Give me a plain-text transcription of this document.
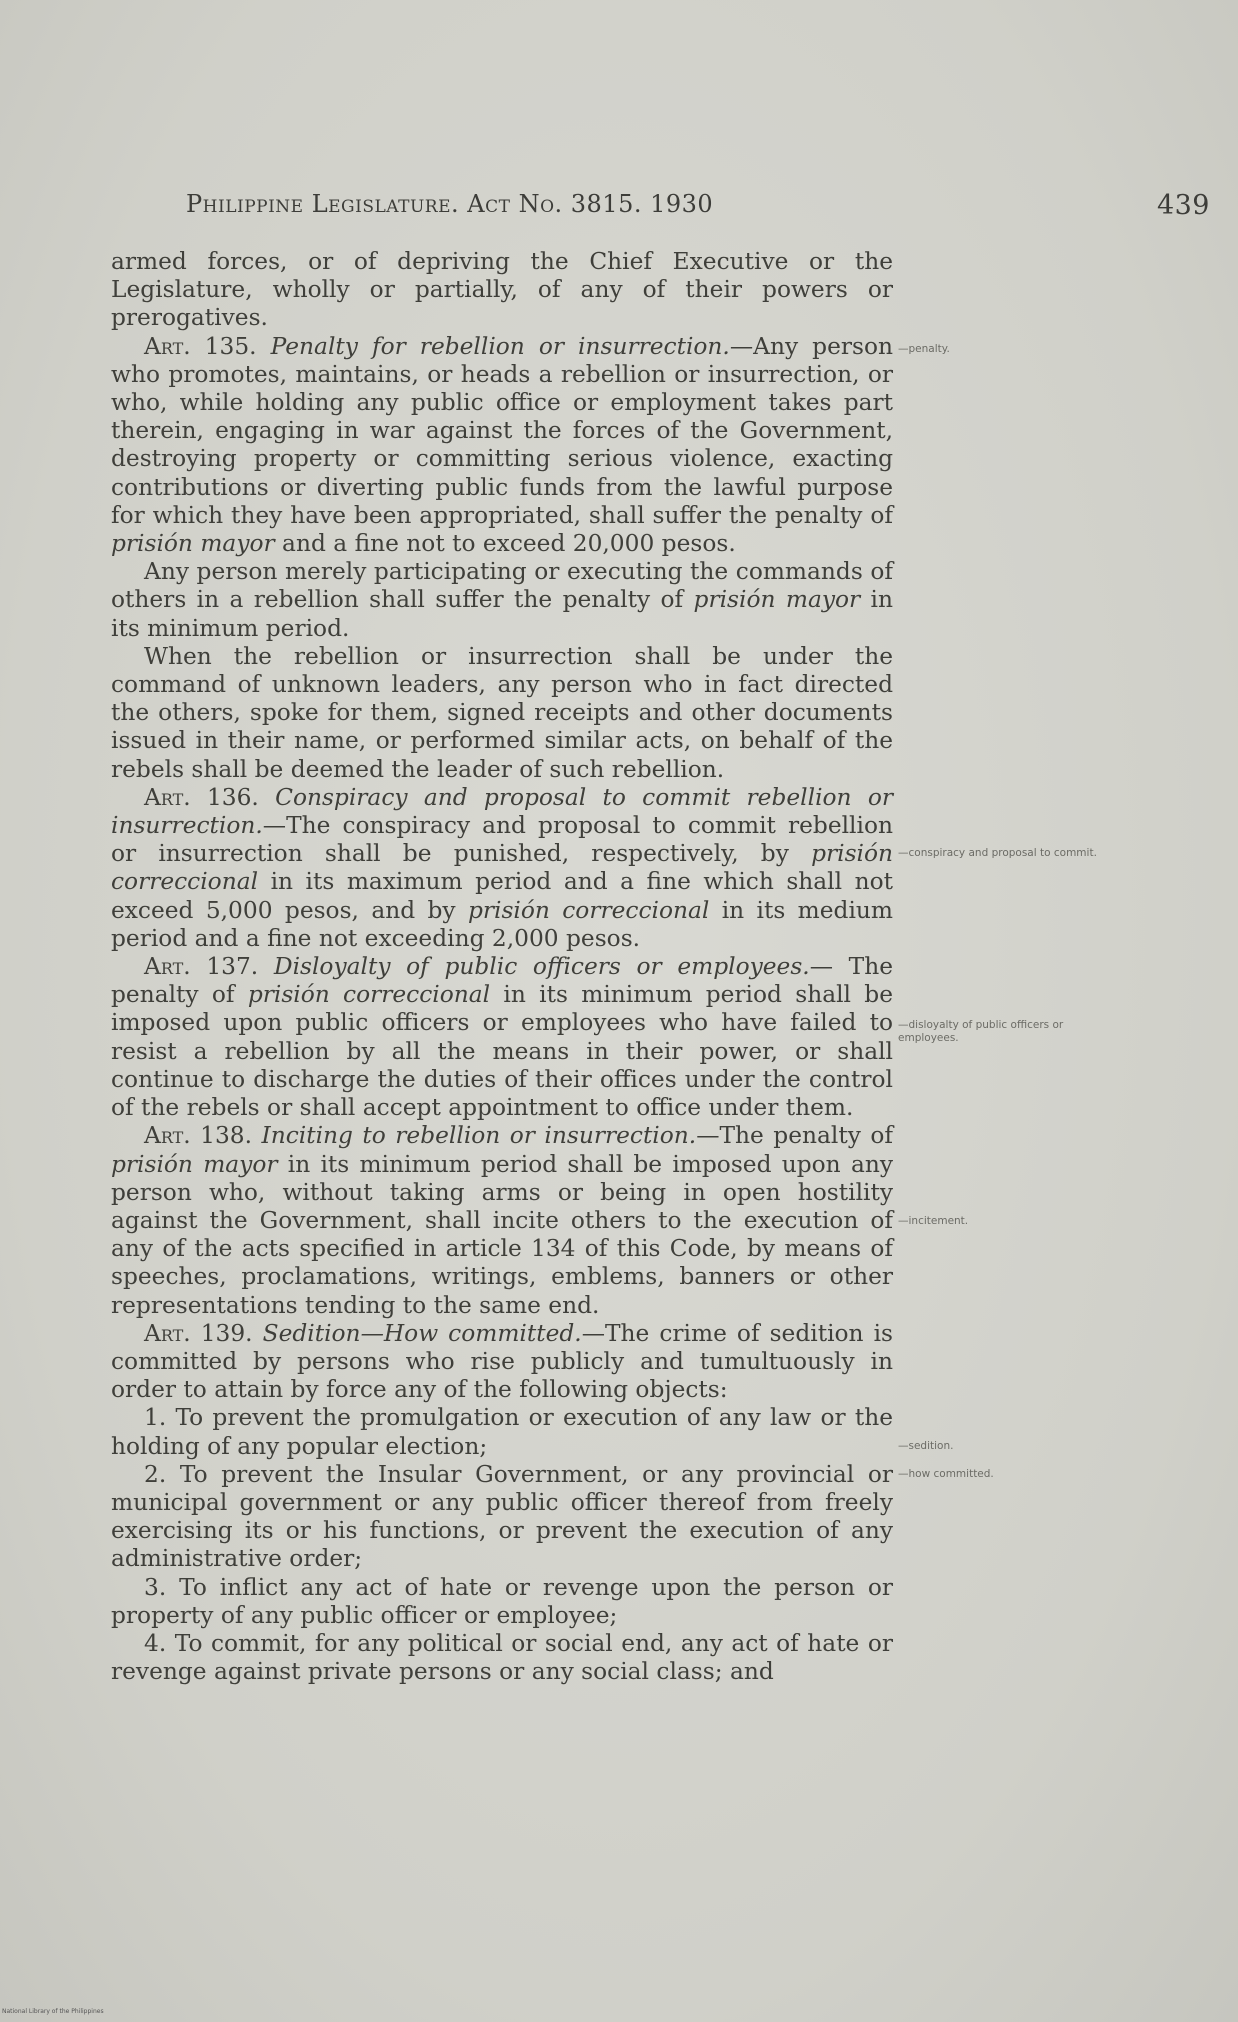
Philippine Legislature. Act No. 3815. 1930	439

armed forces, or of depriving the Chief Executive or the Legislature, wholly or partially, of any of their powers or prerogatives.

Art. 135. Penalty for rebellion or insurrection.—Any person who promotes, maintains, or heads a rebellion or insurrection, or who, while holding any public office or employment takes part therein, engaging in war against the forces of the Government, destroying property or committing serious violence, exacting contributions or diverting public funds from the lawful purpose for which they have been appropriated, shall suffer the penalty of prisión mayor and a fine not to exceed 20,000 pesos.

Any person merely participating or executing the commands of others in a rebellion shall suffer the penalty of prisión mayor in its minimum period.

When the rebellion or insurrection shall be under the command of unknown leaders, any person who in fact directed the others, spoke for them, signed receipts and other documents issued in their name, or performed similar acts, on behalf of the rebels shall be deemed the leader of such rebellion.

Art. 136. Conspiracy and proposal to commit rebellion or insurrection.—The conspiracy and proposal to commit rebellion or insurrection shall be punished, respectively, by prisión correccional in its maximum period and a fine which shall not exceed 5,000 pesos, and by prisión correccional in its medium period and a fine not exceeding 2,000 pesos.

Art. 137. Disloyalty of public officers or employees.— The penalty of prisión correccional in its minimum period shall be imposed upon public officers or employees who have failed to resist a rebellion by all the means in their power, or shall continue to discharge the duties of their offices under the control of the rebels or shall accept appointment to office under them.

Art. 138. Inciting to rebellion or insurrection.—The penalty of prisión mayor in its minimum period shall be imposed upon any person who, without taking arms or being in open hostility against the Government, shall incite others to the execution of any of the acts specified in article 134 of this Code, by means of speeches, proclamations, writings, emblems, banners or other representations tending to the same end.

Art. 139. Sedition—How committed.—The crime of sedition is committed by persons who rise publicly and tumultuously in order to attain by force any of the following objects:

1. To prevent the promulgation or execution of any law or the holding of any popular election;

2. To prevent the Insular Government, or any provincial or municipal government or any public officer thereof from freely exercising its or his functions, or prevent the execution of any administrative order;

3. To inflict any act of hate or revenge upon the person or property of any public officer or employee;

4. To commit, for any political or social end, any act of hate or revenge against private persons or any social class; and

—penalty.
—conspiracy and proposal to commit.
—disloyalty of public officers or employees.
—incitement.
—sedition.
—how committed.
National Library of the Philippines
